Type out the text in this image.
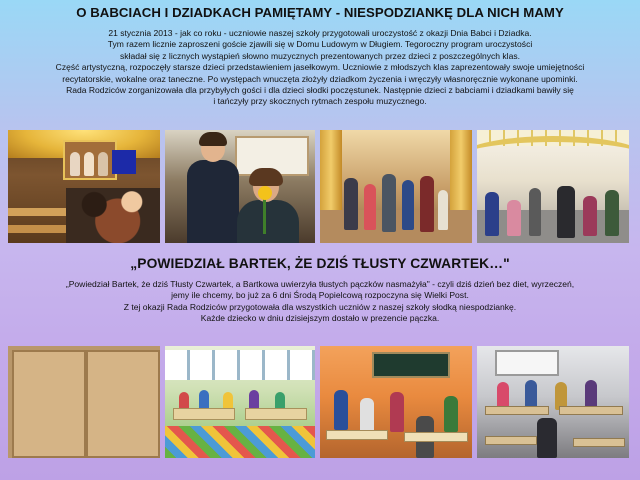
O BABCIACH I DZIADKACH PAMIĘTAMY - NIESPODZIANKĘ DLA NICH MAMY

21 stycznia 2013 - jak co roku - uczniowie naszej szkoły przygotowali uroczystość z okazji Dnia Babci i Dziadka.
Tym razem licznie zaproszeni goście zjawili się w Domu Ludowym w Długiem. Tegoroczny program uroczystości
składał się z licznych wystąpień słowno muzycznych prezentowanych przez dzieci z poszczególnych klas.
Część artystyczną, rozpoczęły starsze dzieci przedstawieniem jasełkowym. Uczniowie z młodszych klas zaprezentowały swoje umiejętności
recytatorskie, wokalne oraz taneczne. Po występach wnuczęta złożyły dziadkom życzenia i wręczyły własnoręcznie wykonane upominki.
Rada Rodziców zorganizowała dla przybyłych gości i dla dzieci słodki poczęstunek. Następnie dzieci z babciami i dziadkami bawiły się
i tańczyły przy skocznych rytmach zespołu muzycznego.

„POWIEDZIAŁ BARTEK, ŻE DZIŚ TŁUSTY CZWARTEK…"

„Powiedział Bartek, że dziś Tłusty Czwartek, a Bartkowa uwierzyła tłustych pączków nasmażyła" - czyli dziś dzień bez diet, wyrzeczeń,
jemy ile chcemy, bo już za 6 dni Środą Popielcową rozpoczyna się Wielki Post.
Z tej okazji Rada Rodziców przygotowała dla wszystkich uczniów z naszej szkoły słodką niespodziankę.
Każde dziecko w dniu dzisiejszym dostało w prezencie pączka.
